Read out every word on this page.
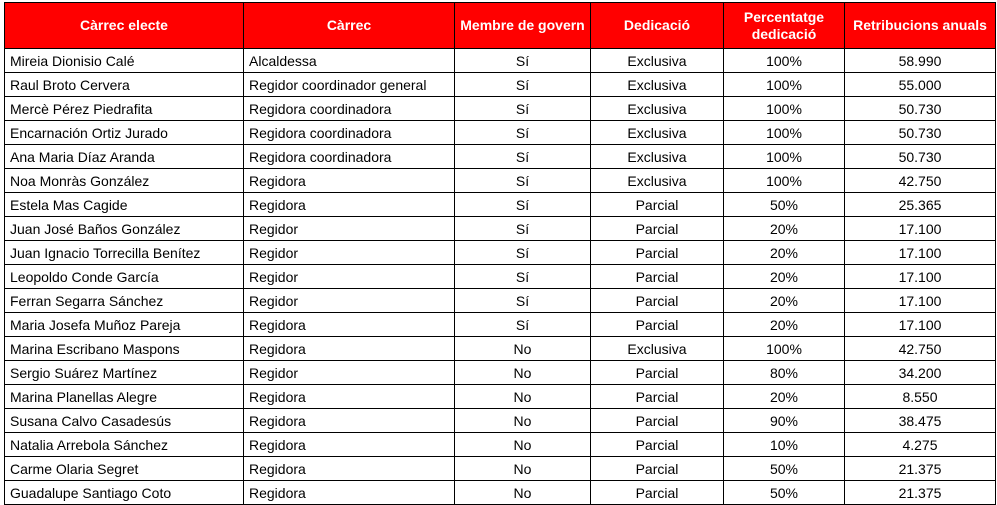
Càrrec electe	Càrrec	Membre de govern	Dedicació	Percentatge dedicació	Retribucions anuals
Mireia Dionisio Calé	Alcaldessa	Sí	Exclusiva	100%	58.990
Raul Broto Cervera	Regidor coordinador general	Sí	Exclusiva	100%	55.000
Mercè Pérez Piedrafita	Regidora coordinadora	Sí	Exclusiva	100%	50.730
Encarnación Ortiz Jurado	Regidora coordinadora	Sí	Exclusiva	100%	50.730
Ana Maria Díaz Aranda	Regidora coordinadora	Sí	Exclusiva	100%	50.730
Noa Monràs González	Regidora	Sí	Exclusiva	100%	42.750
Estela Mas Cagide	Regidora	Sí	Parcial	50%	25.365
Juan José Baños González	Regidor	Sí	Parcial	20%	17.100
Juan Ignacio Torrecilla Benítez	Regidor	Sí	Parcial	20%	17.100
Leopoldo Conde García	Regidor	Sí	Parcial	20%	17.100
Ferran Segarra Sánchez	Regidor	Sí	Parcial	20%	17.100
Maria Josefa Muñoz Pareja	Regidora	Sí	Parcial	20%	17.100
Marina Escribano Maspons	Regidora	No	Exclusiva	100%	42.750
Sergio Suárez Martínez	Regidor	No	Parcial	80%	34.200
Marina Planellas Alegre	Regidora	No	Parcial	20%	8.550
Susana Calvo Casadesús	Regidora	No	Parcial	90%	38.475
Natalia Arrebola Sánchez	Regidora	No	Parcial	10%	4.275
Carme Olaria Segret	Regidora	No	Parcial	50%	21.375
Guadalupe Santiago Coto	Regidora	No	Parcial	50%	21.375
